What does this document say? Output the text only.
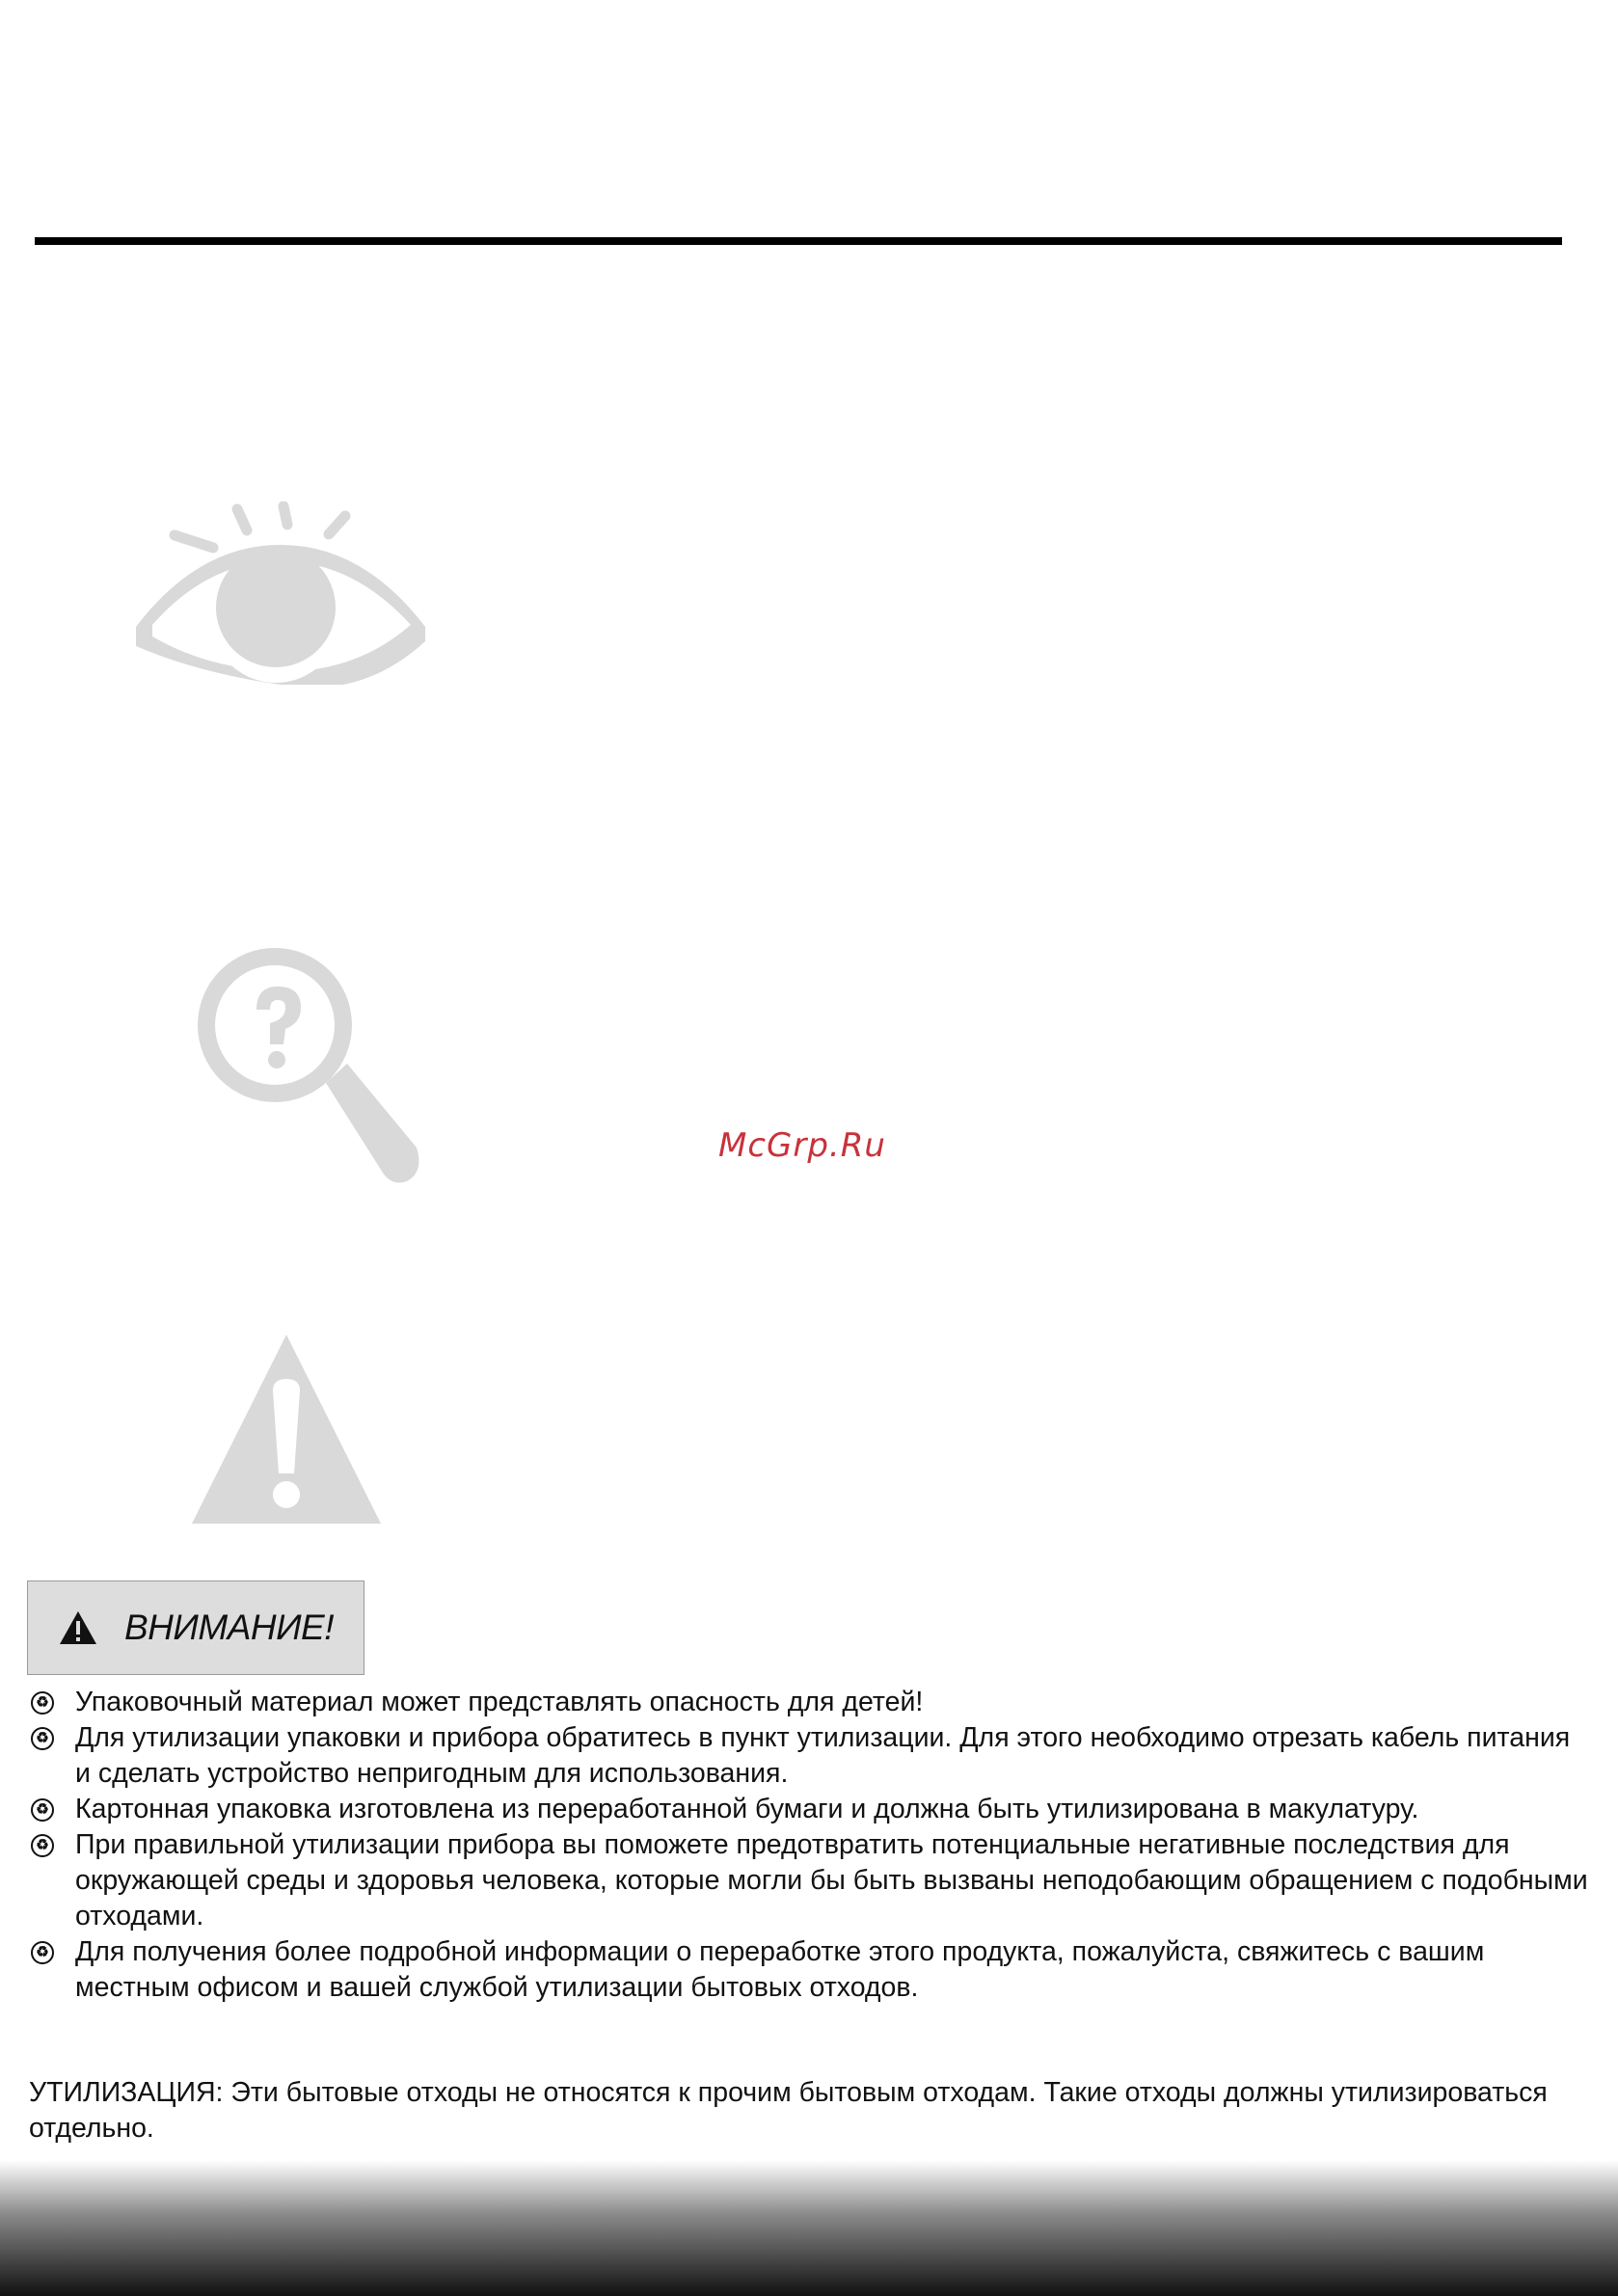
McGrp.Ru
ВНИМАНИЕ!
♻ Упаковочный материал может представлять опасность для детей!
♻ Для утилизации упаковки и прибора обратитесь в пункт утилизации. Для этого необходимо отрезать кабель питания и сделать устройство непригодным для использования.
♻ Картонная упаковка изготовлена из переработанной бумаги и должна быть утилизирована в макулатуру.
♻ При правильной утилизации прибора вы поможете предотвратить потенциальные негативные последствия для окружающей среды и здоровья человека, которые могли бы быть вызваны неподобающим обращением с подобными отходами.
♻ Для получения более подробной информации о переработке этого продукта, пожалуйста, свяжитесь с вашим местным офисом и вашей службой утилизации бытовых отходов.

УТИЛИЗАЦИЯ: Эти бытовые отходы не относятся к прочим бытовым отходам. Такие отходы должны утилизироваться отдельно.
